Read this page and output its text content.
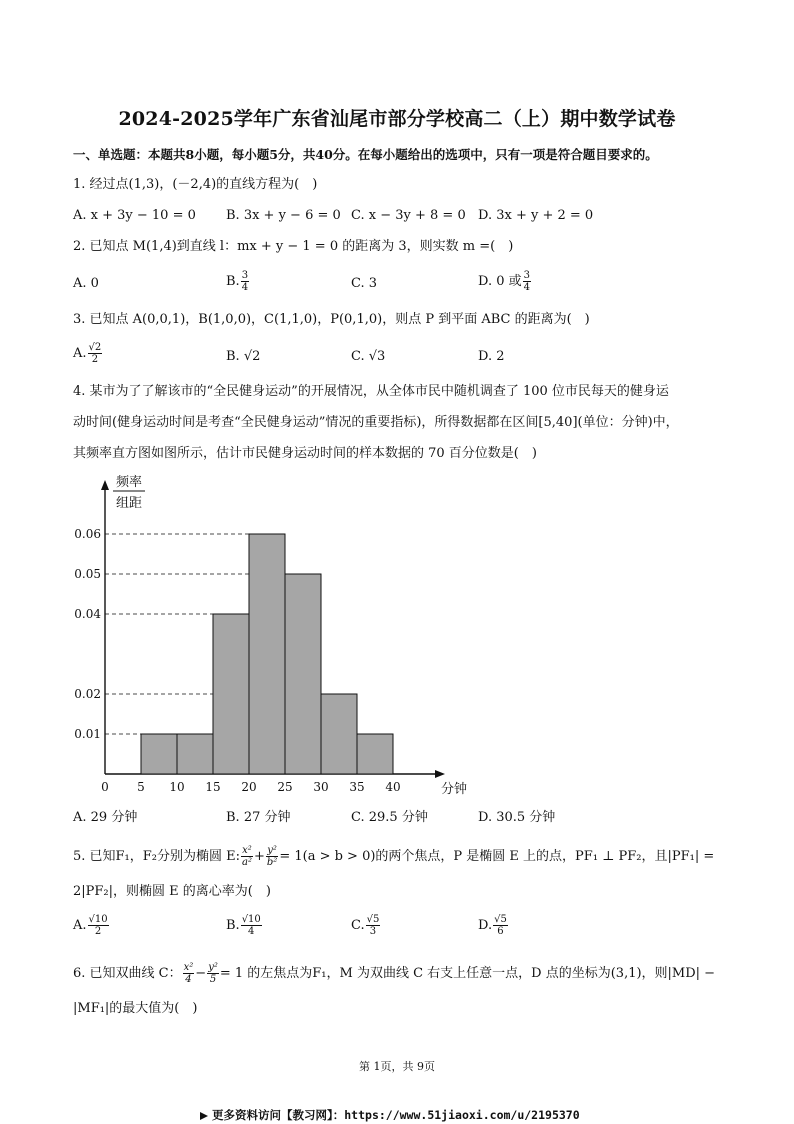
2024-2025学年广东省汕尾市部分学校高二（上）期中数学试卷
一、单选题：本题共8小题，每小题5分，共40分。在每小题给出的选项中，只有一项是符合题目要求的。
1. 经过点(1,3)，(－2,4)的直线方程为(　)
A. x + 3y − 10 = 0 B. 3x + y − 6 = 0 C. x − 3y + 8 = 0 D. 3x + y + 2 = 0
2. 已知点 M(1,4)到直线 l：mx + y − 1 = 0 的距离为 3，则实数 m =(　)
A. 0	B. $\frac{3}{4}$	C. 3	D. 0 或 $\frac{3}{4}$
3. 已知点 A(0,0,1)，B(1,0,0)，C(1,1,0)，P(0,1,0)，则点 P 到平面 ABC 的距离为(　)
A. $\frac{√2}{2}$	B. √2	C. √3	D. 2
4. 某市为了了解该市的“全民健身运动”的开展情况，从全体市民中随机调查了 100 位市民每天的健身运
动时间(健身运动时间是考查“全民健身运动”情况的重要指标)，所得数据都在区间[5,40](单位：分钟)中，
其频率直方图如图所示，估计市民健身运动时间的样本数据的 70 百分位数是(　)
频率
组距
分钟
0.01
0.02
0.04
0.05
0.06
0 5 10 15 20 25 30 35 40
A. 29 分钟	B. 27 分钟	C. 29.5 分钟	D. 30.5 分钟
5. 已知F₁，F₂分别为椭圆 E: $\frac{\text{x²}}{\text{a²}} + \frac{\text{y²}}{\text{b²}} = 1(a > b > 0)$的两个焦点，P 是椭圆 E 上的点，PF₁ ⊥ PF₂，且|PF₁| =
2|PF₂|，则椭圆 E 的离心率为(　)
A. $\frac{√10}{2}$	B. $\frac{√10}{4}$	C. $\frac{√5}{3}$	D. $\frac{√5}{6}$
6. 已知双曲线 C： $\frac{\text{x²}}{4} - \frac{\text{y²}}{5} = 1$ 的左焦点为F₁，M 为双曲线 C 右支上任意一点，D 点的坐标为(3,1)，则|MD| −
|MF₁|的最大值为(　)
第 1页，共 9页
更多资料访问【教习网】：https://www.51jiaoxi.com/u/2195370
